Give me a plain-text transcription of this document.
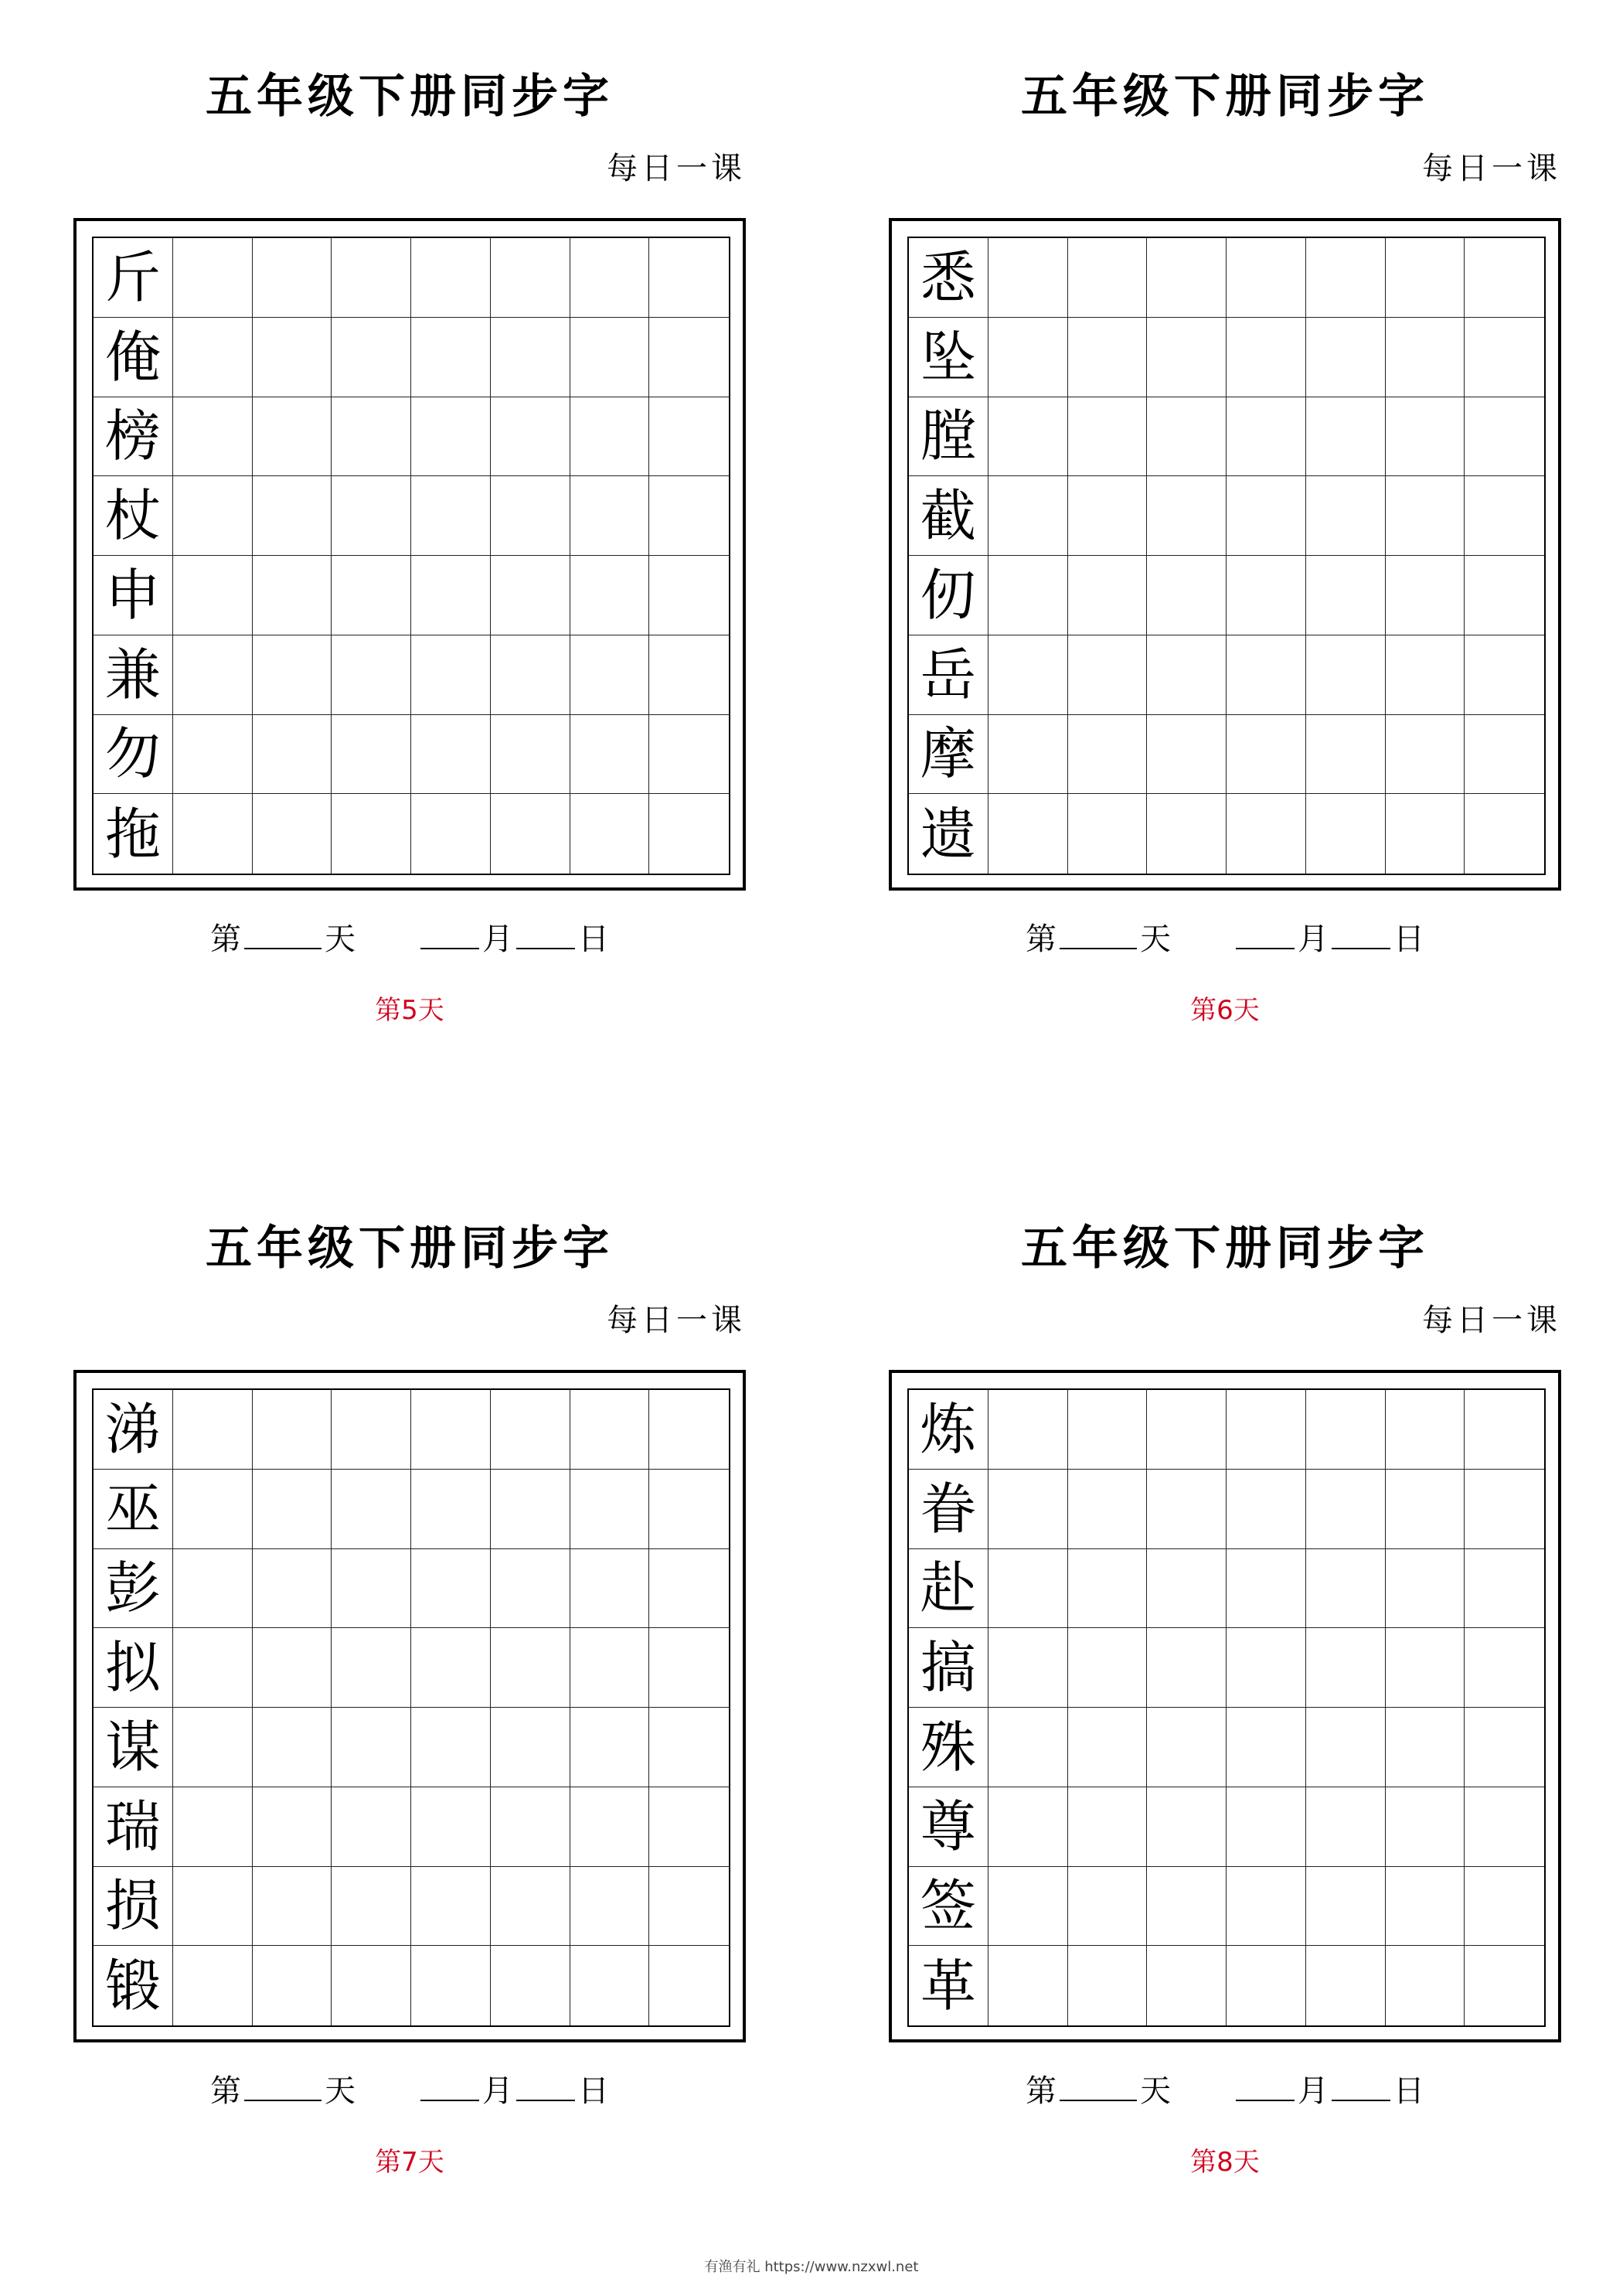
五年级下册同步字
每日一课
斤
俺
榜
杖
申
兼
勿
拖
第	天	月 日
第5天
五年级下册同步字
每日一课
悉
坠
膛
截
仞
岳
摩
遗
第	天	月 日
第6天
五年级下册同步字
每日一课
涕
巫
彭
拟
谋
瑞
损
锻
第	天	月 日
第7天
五年级下册同步字
每日一课
炼
眷
赴
搞
殊
尊
签
革
第	天	月 日
第8天
有渔有礼 https://www.nzxwl.net
